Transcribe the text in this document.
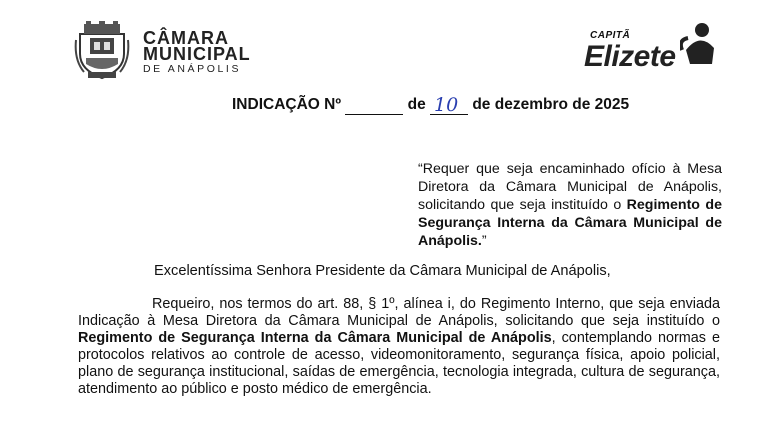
CÂMARA
MUNICIPAL
DE ANÁPOLIS
CAPITÃ
Elizete
INDICAÇÃO Nº	de 10 de dezembro de 2025
“Requer que seja encaminhado ofício à Mesa Diretora da Câmara Municipal de Anápolis, solicitando que seja instituído o Regimento de Segurança Interna da Câmara Municipal de Anápolis.”
Excelentíssima Senhora Presidente da Câmara Municipal de Anápolis,
Requeiro, nos termos do art. 88, § 1º, alínea i, do Regimento Interno, que seja enviada Indicação à Mesa Diretora da Câmara Municipal de Anápolis, solicitando que seja instituído o Regimento de Segurança Interna da Câmara Municipal de Anápolis, contemplando normas e protocolos relativos ao controle de acesso, videomonitoramento, segurança física, apoio policial, plano de segurança institucional, saídas de emergência, tecnologia integrada, cultura de segurança, atendimento ao público e posto médico de emergência.
